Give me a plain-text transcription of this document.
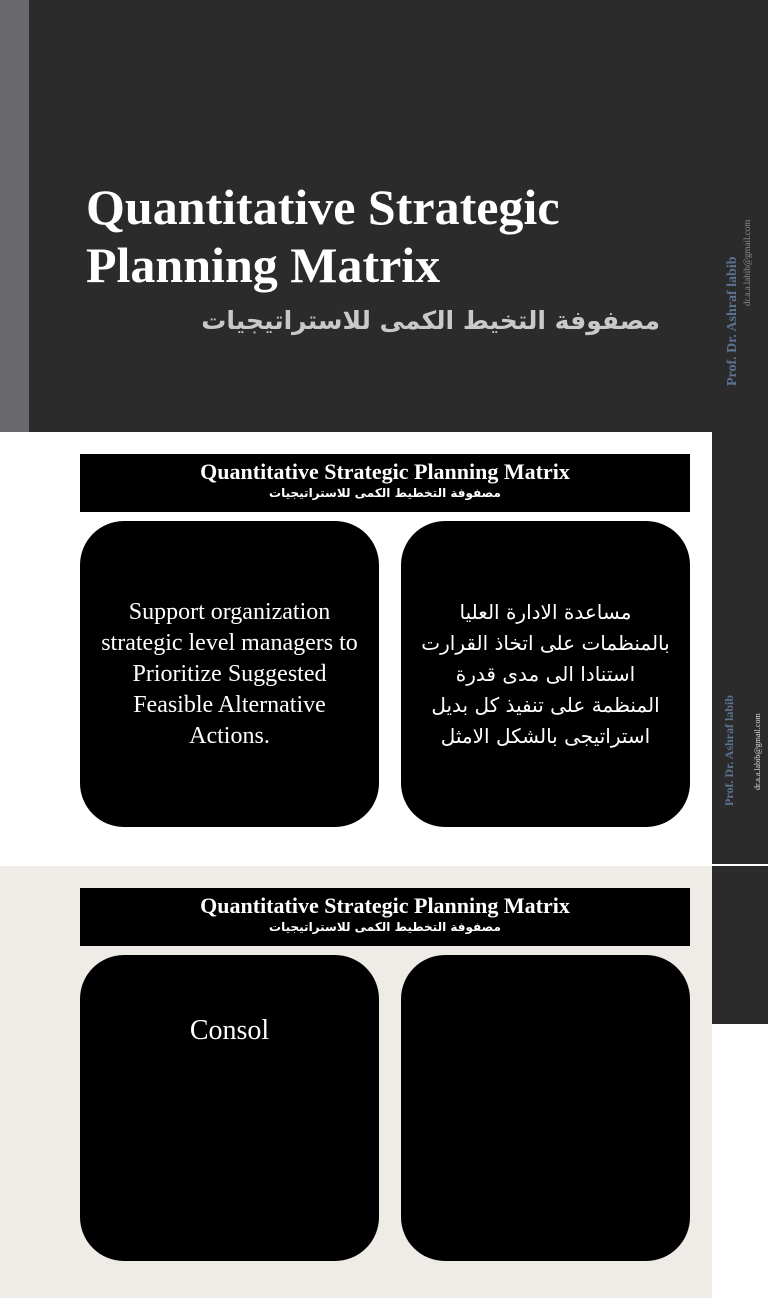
Quantitative Strategic Planning Matrix
مصفوفة التخيط الكمى للاستراتيجيات	Prof. Dr. Ashraf labib dr.a.a.labib@gmail.com
Quantitative Strategic Planning Matrix
مصفوفة التخطيط الكمى للاستراتيجيات
Support organization strategic level managers to Prioritize Suggested Feasible Alternative Actions.
مساعدة الادارة العليا بالمنظمات على اتخاذ القرارت استنادا الى مدى قدرة المنظمة على تنفيذ كل بديل استراتيجى بالشكل الامثل	Prof. Dr. Ashraf labib dr.a.a.labib@gmail.com
Quantitative Strategic Planning Matrix
مصفوفة التخطيط الكمى للاستراتيجيات
Consol
